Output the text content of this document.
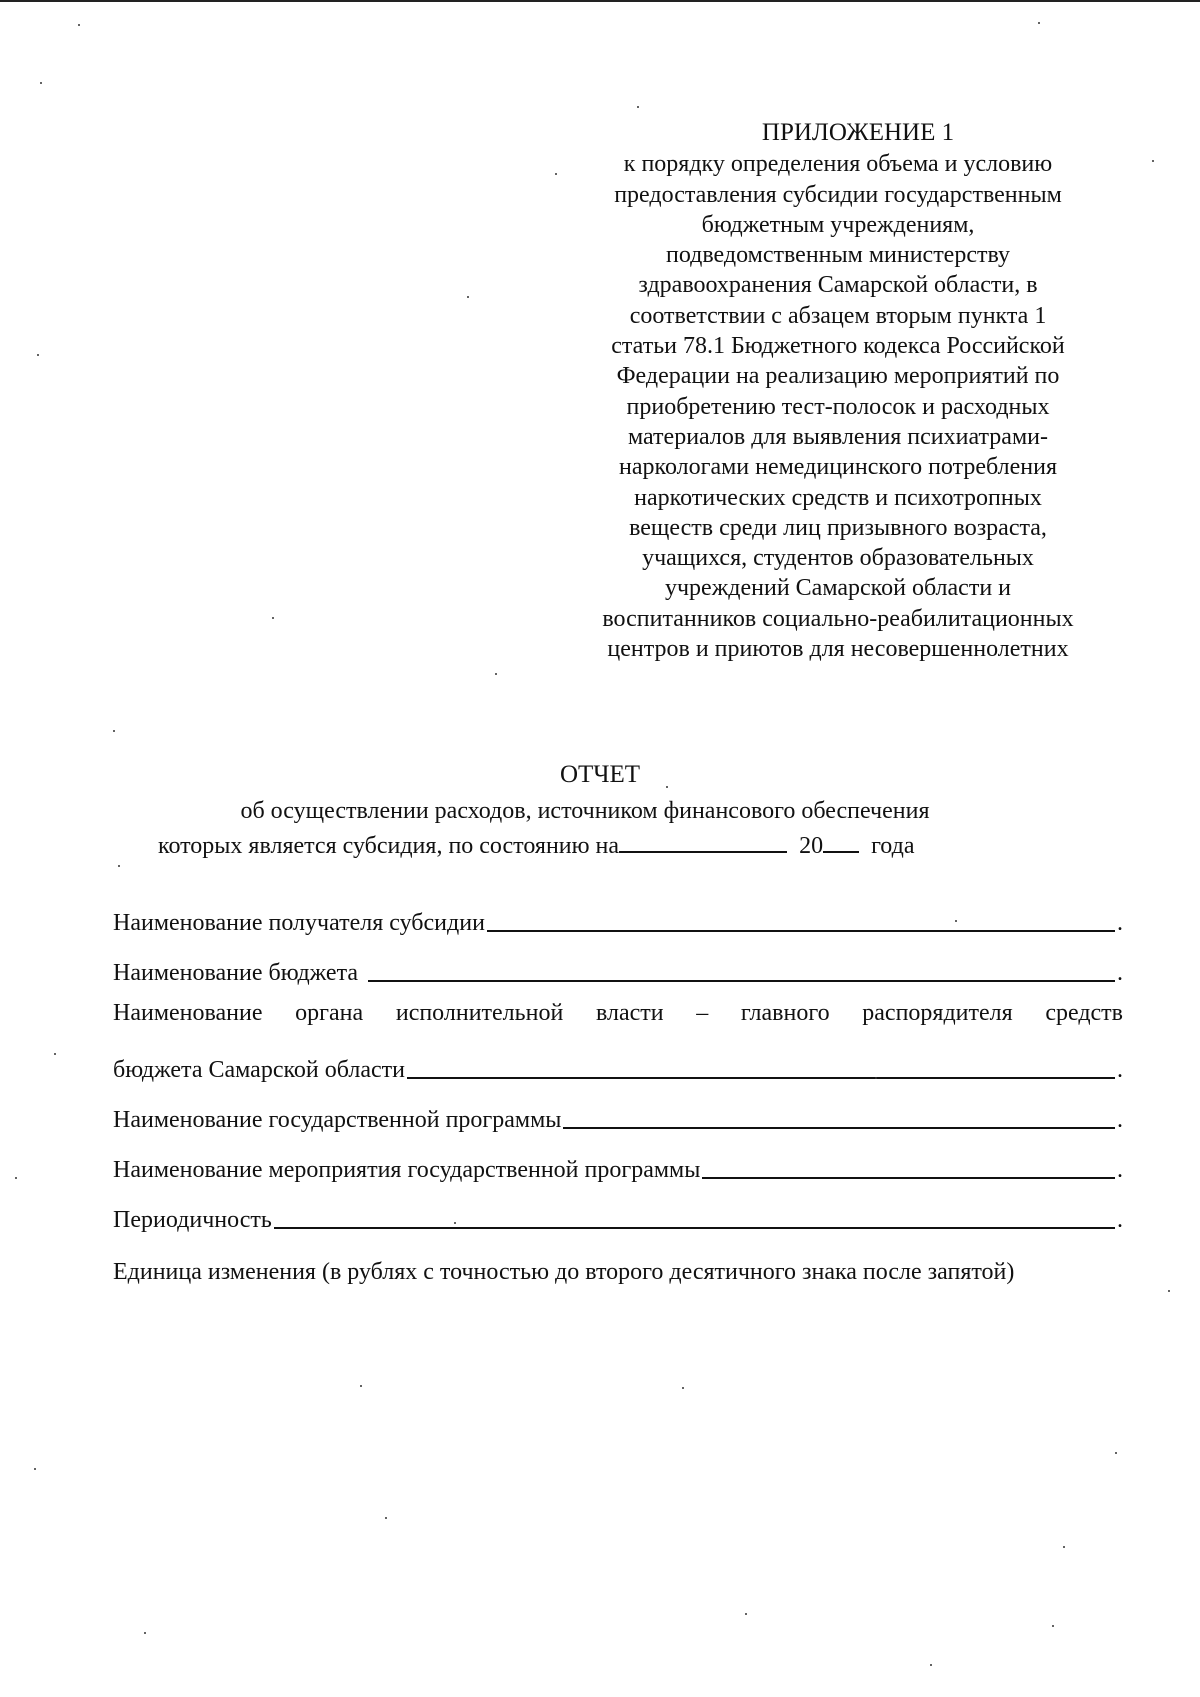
ПРИЛОЖЕНИЕ 1
к порядку определения объема и условию
предоставления субсидии государственным
бюджетным учреждениям,
подведомственным министерству
здравоохранения Самарской области, в
соответствии с абзацем вторым пункта 1
статьи 78.1 Бюджетного кодекса Российской
Федерации на реализацию мероприятий по
приобретению тест-полосок и расходных
материалов для выявления психиатрами-
наркологами немедицинского потребления
наркотических средств и психотропных
веществ среди лиц призывного возраста,
учащихся, студентов образовательных
учреждений Самарской области и
воспитанников социально-реабилитационных
центров и приютов для несовершеннолетних
ОТЧЕТ
об осуществлении расходов, источником финансового обеспечения
которых является субсидия, по состоянию на	20 года
Наименование получателя субсидии	.
Наименование бюджета	.
Наименование органа исполнительной власти – главного распорядителя средств
бюджета Самарской области	.
Наименование государственной программы	.
Наименование мероприятия государственной программы	.
Периодичность	.
Единица изменения (в рублях с точностью до второго десятичного знака после запятой)
